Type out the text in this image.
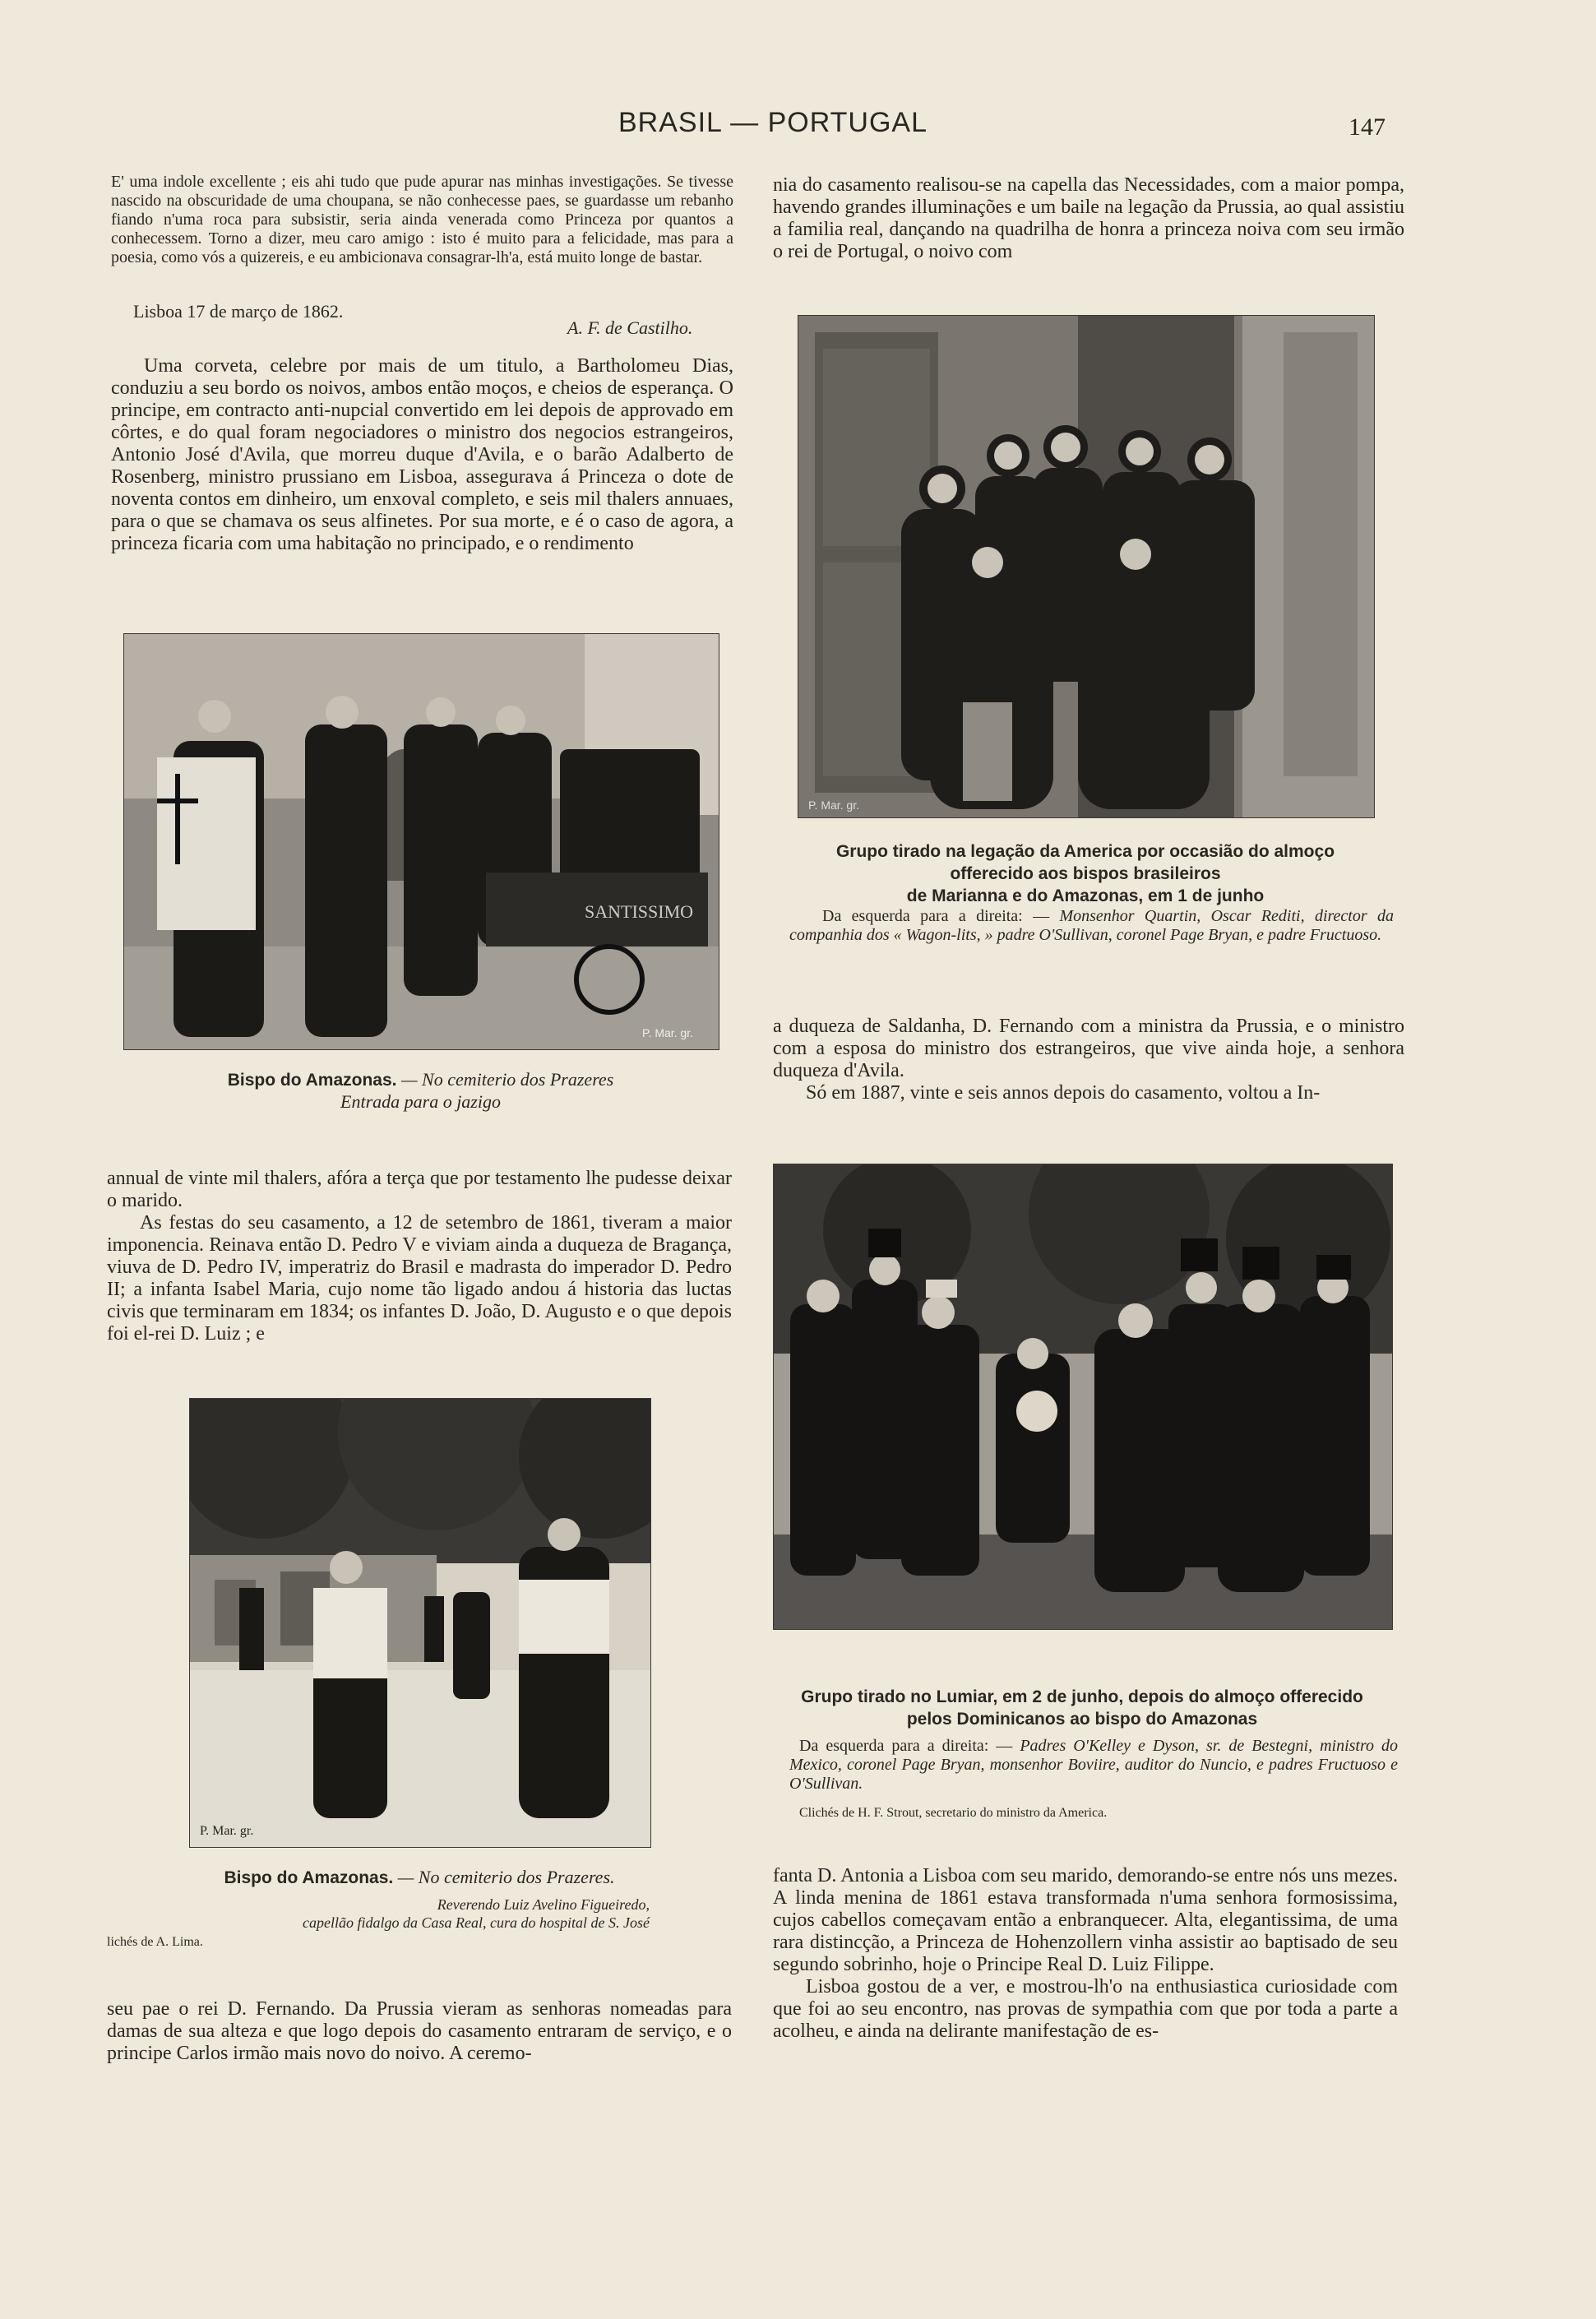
BRASIL — PORTUGAL	147
E' uma indole excellente ; eis ahi tudo que pude apurar nas minhas investigações. Se tivesse nascido na obscuridade de uma choupana, se não conhecesse paes, se guardasse um rebanho fiando n'uma roca para subsistir, seria ainda venerada como Princeza por quantos a conhecessem. Torno a dizer, meu caro amigo : isto é muito para a felicidade, mas para a poesia, como vós a quizereis, e eu ambicionava consagrar-lh'a, está muito longe de bastar.
Lisboa 17 de março de 1862.
A. F. de Castilho.

Uma corveta, celebre por mais de um titulo, a Bartholomeu Dias, conduziu a seu bordo os noivos, ambos então moços, e cheios de esperança. O principe, em contracto anti-nupcial convertido em lei depois de approvado em côrtes, e do qual foram negociadores o ministro dos negocios estrangeiros, Antonio José d'Avila, que morreu duque d'Avila, e o barão Adalberto de Rosenberg, ministro prussiano em Lisboa, assegurava á Princeza o dote de noventa contos em dinheiro, um enxoval completo, e seis mil thalers annuaes, para o que se chamava os seus alfinetes. Por sua morte, e é o caso de agora, a princeza ficaria com uma habitação no principado, e o rendimento

nia do casamento realisou-se na capella das Necessidades, com a maior pompa, havendo grandes illuminações e um baile na legação da Prussia, ao qual assistiu a familia real, dançando na quadrilha de honra a princeza noiva com seu irmão o rei de Portugal, o noivo com

P. Mar. gr.
Grupo tirado na legação da America por occasião do almoço
offerecido aos bispos brasileiros
de Marianna e do Amazonas, em 1 de junho
Da esquerda para a direita: — Monsenhor Quartin, Oscar Rediti, director da companhia dos « Wagon-lits, » padre O'Sullivan, coronel Page Bryan, e padre Fructuoso.
SANTISSIMO
P. Mar. gr.
Bispo do Amazonas. — No cemiterio dos Prazeres
Entrada para o jazigo

a duqueza de Saldanha, D. Fernando com a ministra da Prussia, e o ministro com a esposa do ministro dos estrangeiros, que vive ainda hoje, a senhora duqueza d'Avila.

Só em 1887, vinte e seis annos depois do casamento, voltou a In-

annual de vinte mil thalers, afóra a terça que por testamento lhe pudesse deixar o marido.

As festas do seu casamento, a 12 de setembro de 1861, tiveram a maior imponencia. Reinava então D. Pedro V e viviam ainda a duqueza de Bragança, viuva de D. Pedro IV, imperatriz do Brasil e madrasta do imperador D. Pedro II; a infanta Isabel Maria, cujo nome tão ligado andou á historia das luctas civis que terminaram em 1834; os infantes D. João, D. Augusto e o que depois foi el-rei D. Luiz ; e

Grupo tirado no Lumiar, em 2 de junho, depois do almoço offerecido
pelos Dominicanos ao bispo do Amazonas
Da esquerda para a direita: — Padres O'Kelley e Dyson, sr. de Bestegni, ministro do Mexico, coronel Page Bryan, monsenhor Boviire, auditor do Nuncio, e padres Fructuoso e O'Sullivan.
Clichés de H. F. Strout, secretario do ministro da America.
P. Mar. gr.
Bispo do Amazonas. — No cemiterio dos Prazeres.
Reverendo Luiz Avelino Figueiredo,
capellão fidalgo da Casa Real, cura do hospital de S. José
lichés de A. Lima.

seu pae o rei D. Fernando. Da Prussia vieram as senhoras nomeadas para damas de sua alteza e que logo depois do casamento entraram de serviço, e o principe Carlos irmão mais novo do noivo. A ceremo-

fanta D. Antonia a Lisboa com seu marido, demorando-se entre nós uns mezes. A linda menina de 1861 estava transformada n'uma senhora formosissima, cujos cabellos começavam então a enbranquecer. Alta, elegantissima, de uma rara distincção, a Princeza de Hohenzollern vinha assistir ao baptisado de seu segundo sobrinho, hoje o Principe Real D. Luiz Filippe.

Lisboa gostou de a ver, e mostrou-lh'o na enthusiastica curiosidade com que foi ao seu encontro, nas provas de sympathia com que por toda a parte a acolheu, e ainda na delirante manifestação de es-
